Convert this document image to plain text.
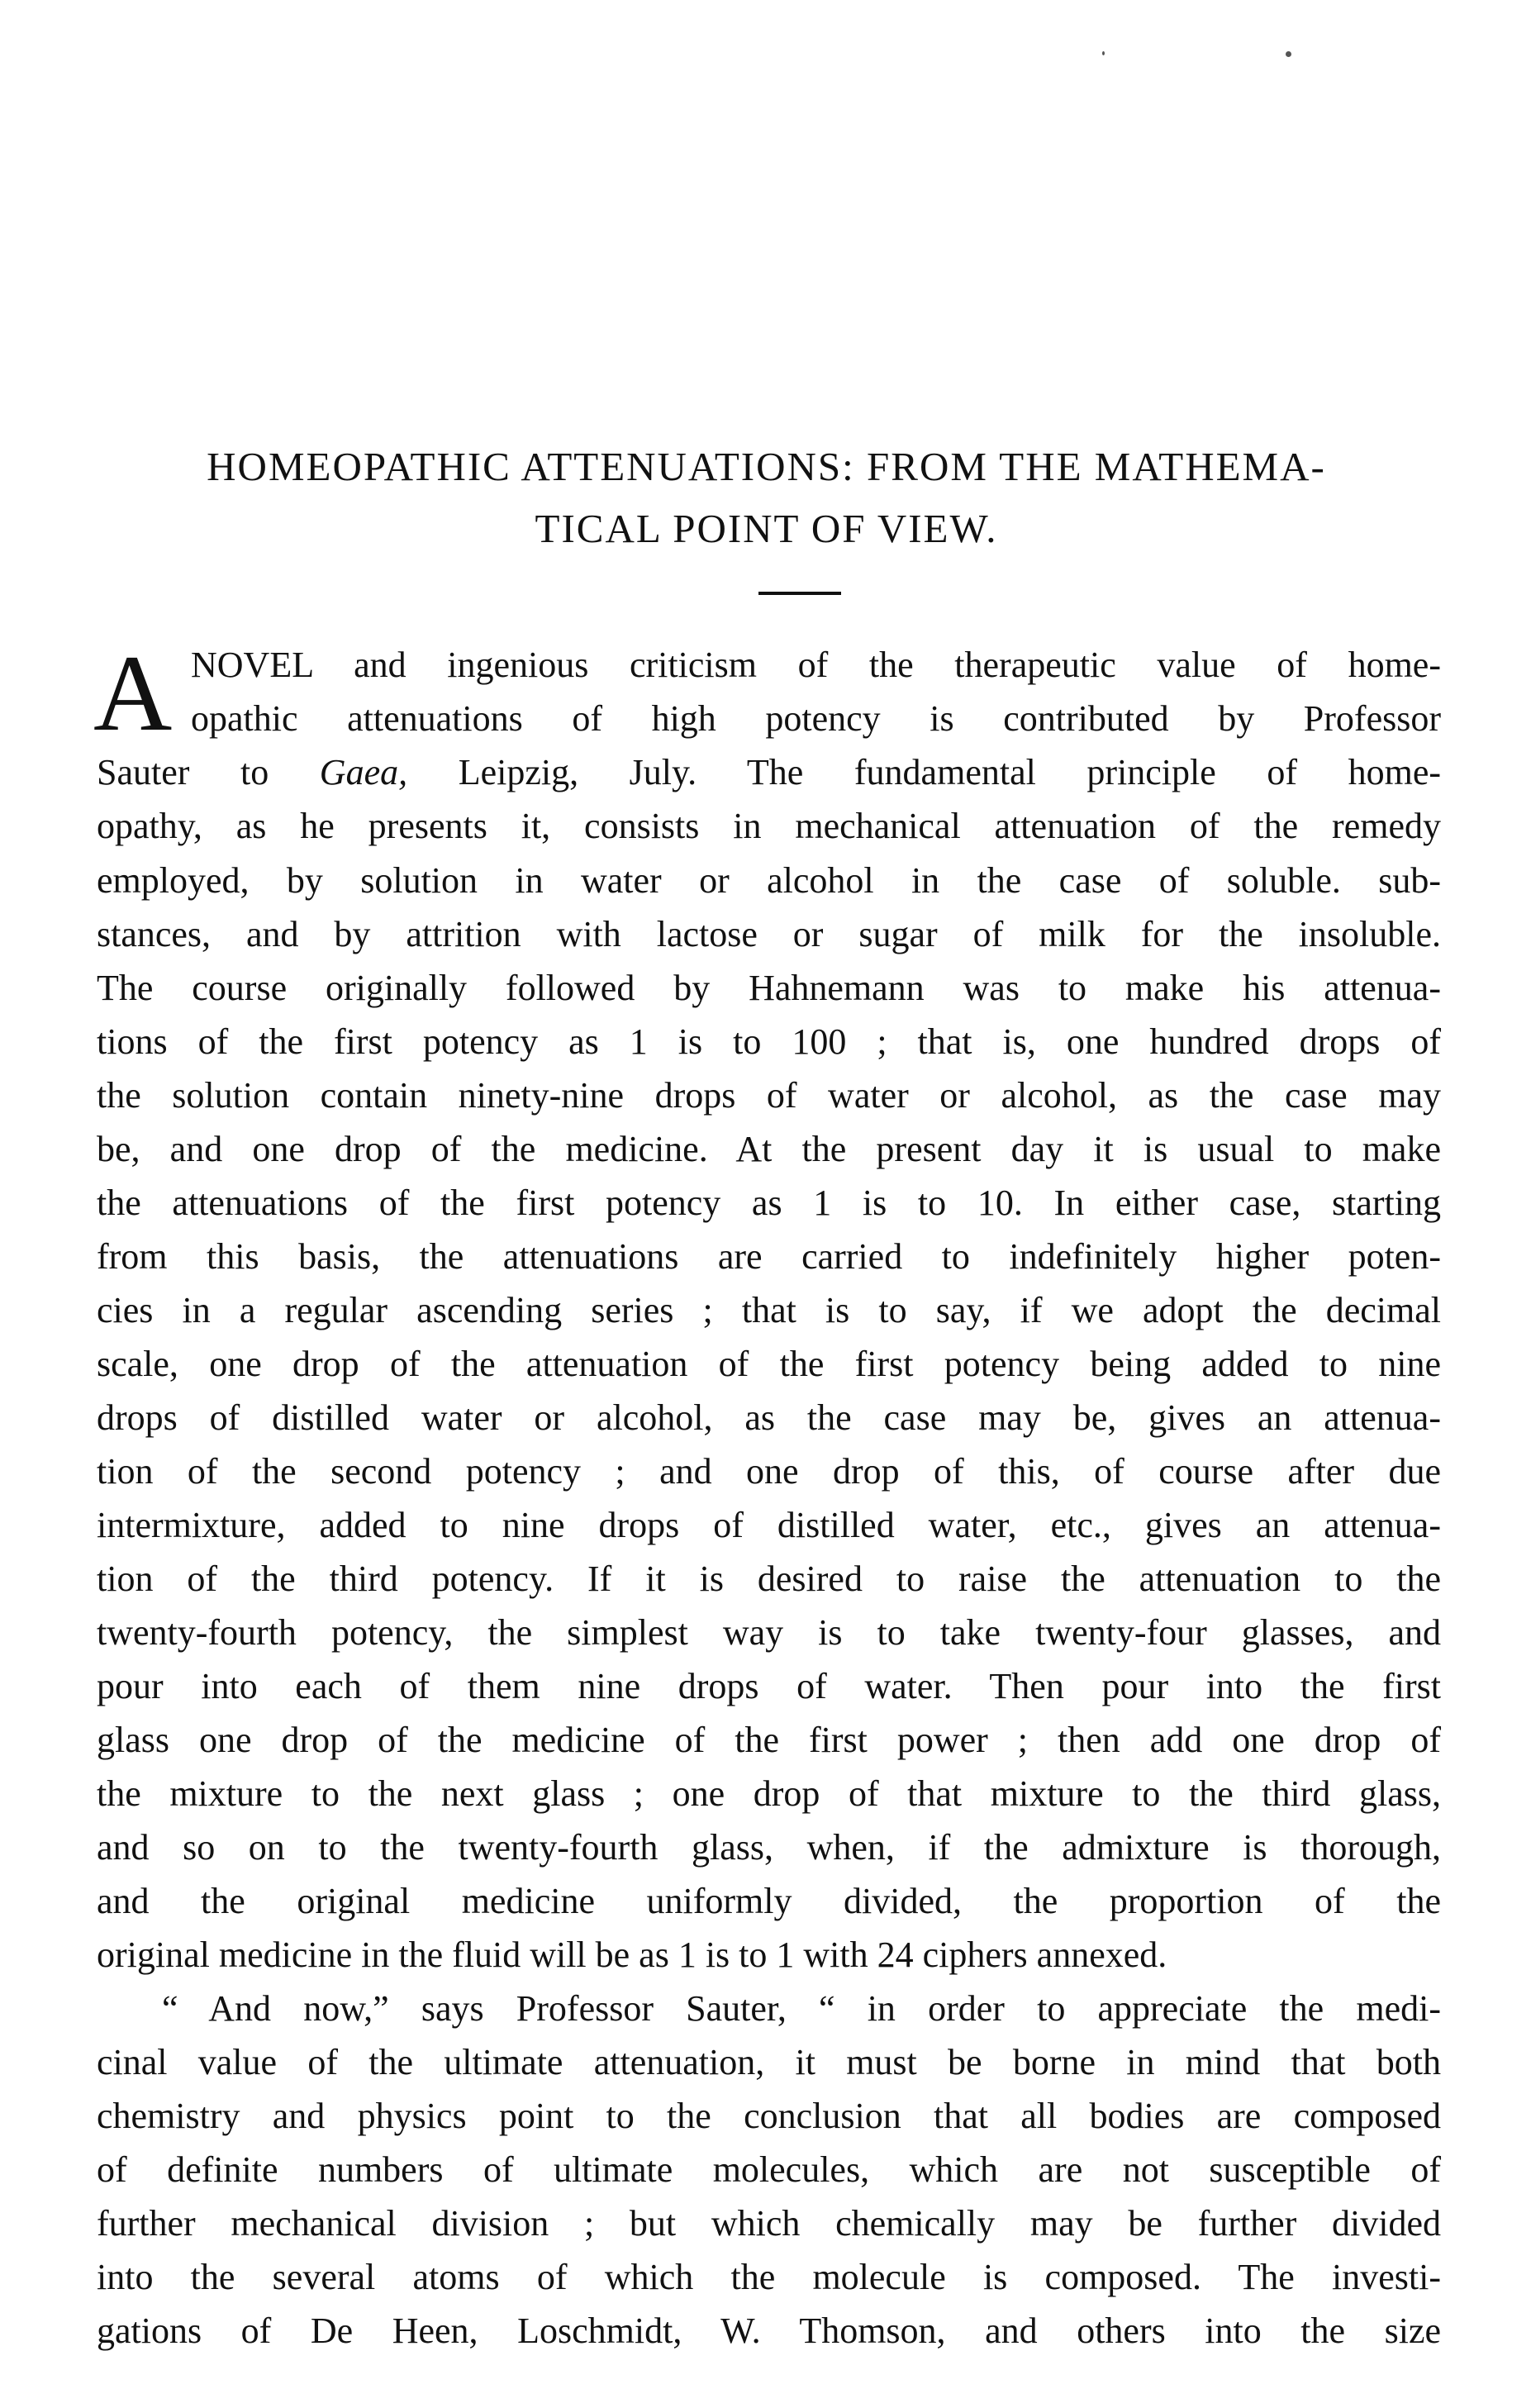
HOMEOPATHIC ATTENUATIONS: FROM THE MATHEMA-
TICAL POINT OF VIEW.
A NOVEL and ingenious criticism of the therapeutic value of home-
opathic attenuations of high potency is contributed by Professor
Sauter to Gaea, Leipzig, July. The fundamental principle of home-
opathy, as he presents it, consists in mechanical attenuation of the remedy
employed, by solution in water or alcohol in the case of soluble. sub-
stances, and by attrition with lactose or sugar of milk for the insoluble.
The course originally followed by Hahnemann was to make his attenua-
tions of the first potency as 1 is to 100 ; that is, one hundred drops of
the solution contain ninety-nine drops of water or alcohol, as the case may
be, and one drop of the medicine. At the present day it is usual to make
the attenuations of the first potency as 1 is to 10. In either case, starting
from this basis, the attenuations are carried to indefinitely higher poten-
cies in a regular ascending series ; that is to say, if we adopt the decimal
scale, one drop of the attenuation of the first potency being added to nine
drops of distilled water or alcohol, as the case may be, gives an attenua-
tion of the second potency ; and one drop of this, of course after due
intermixture, added to nine drops of distilled water, etc., gives an attenua-
tion of the third potency. If it is desired to raise the attenuation to the
twenty-fourth potency, the simplest way is to take twenty-four glasses, and
pour into each of them nine drops of water. Then pour into the first
glass one drop of the medicine of the first power ; then add one drop of
the mixture to the next glass ; one drop of that mixture to the third glass,
and so on to the twenty-fourth glass, when, if the admixture is thorough,
and the original medicine uniformly divided, the proportion of the
original medicine in the fluid will be as 1 is to 1 with 24 ciphers annexed.
“ And now,” says Professor Sauter, “ in order to appreciate the medi-
cinal value of the ultimate attenuation, it must be borne in mind that both
chemistry and physics point to the conclusion that all bodies are composed
of definite numbers of ultimate molecules, which are not susceptible of
further mechanical division ; but which chemically may be further divided
into the several atoms of which the molecule is composed. The investi-
gations of De Heen, Loschmidt, W. Thomson, and others into the size
